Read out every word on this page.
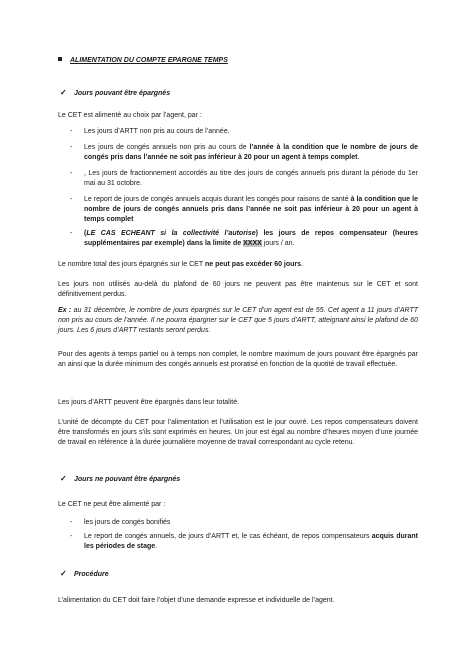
ALIMENTATION DU COMPTE EPARGNE TEMPS
✓ Jours pouvant être épargnés
Le CET est alimenté au choix par l’agent, par :
- Les jours d’ARTT non pris au cours de l’année.
- Les jours de congés annuels non pris au cours de l’année à la condition que le nombre de jours de congés pris dans l’année ne soit pas inférieur à 20 pour un agent à temps complet.
- , Les jours de fractionnement accordés au titre des jours de congés annuels pris durant la période du 1er mai au 31 octobre.
- Le report de jours de congés annuels acquis durant les congés pour raisons de santé à la condition que le nombre de jours de congés annuels pris dans l’année ne soit pas inférieur à 20 pour un agent à temps complet
- (LE CAS ECHEANT si la collectivité l’autorise) les jours de repos compensateur (heures supplémentaires par exemple) dans la limite de XXXX jours / an.
Le nombre total des jours épargnés sur le CET ne peut pas excéder 60 jours.
Les jours non utilisés au-delà du plafond de 60 jours ne peuvent pas être maintenus sur le CET et sont définitivement perdus.
Ex : au 31 décembre, le nombre de jours épargnés sur le CET d’un agent est de 55. Cet agent a 11 jours d’ARTT non pris au cours de l’année. Il ne pourra épargner sur le CET que 5 jours d’ARTT, atteignant ainsi le plafond de 60 jours. Les 6 jours d’ARTT restants seront perdus.
Pour des agents à temps partiel ou à temps non complet, le nombre maximum de jours pouvant être épargnés par an ainsi que la durée minimum des congés annuels est proratisé en fonction de la quotité de travail effectuée.
Les jours d’ARTT peuvent être épargnés dans leur totalité.
L’unité de décompte du CET pour l’alimentation et l’utilisation est le jour ouvré. Les repos compensateurs doivent être transformés en jours s’ils sont exprimés en heures. Un jour est égal au nombre d’heures moyen d’une journée de travail en référence à la durée journalière moyenne de travail correspondant au cycle retenu.
✓ Jours ne pouvant être épargnés
Le CET ne peut être alimenté par :
- les jours de congés bonifiés
- Le report de congés annuels, de jours d’ARTT et, le cas échéant, de repos compensateurs acquis durant les périodes de stage.
✓ Procédure
L’alimentation du CET doit faire l’objet d’une demande expresse et individuelle de l’agent.
